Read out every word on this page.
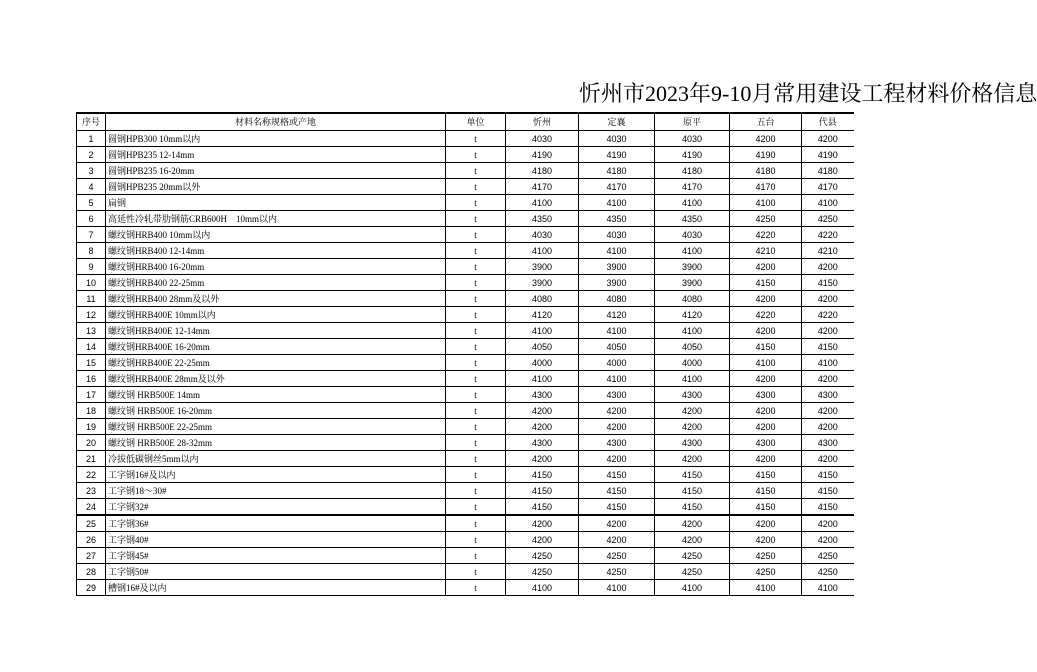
忻州市2023年9-10月常用建设工程材料价格信息
序号	材料名称规格或产地	单位	忻州	定襄	原平	五台	代县
1	圆钢HPB300 10mm以内	t	4030	4030	4030	4200	4200
2	圆钢HPB235 12-14mm	t	4190	4190	4190	4190	4190
3	圆钢HPB235 16-20mm	t	4180	4180	4180	4180	4180
4	圆钢HPB235 20mm以外	t	4170	4170	4170	4170	4170
5	扁钢	t	4100	4100	4100	4100	4100
6	高延性冷轧带肋钢筋CRB600H　10mm以内	t	4350	4350	4350	4250	4250
7	螺纹钢HRB400 10mm以内	t	4030	4030	4030	4220	4220
8	螺纹钢HRB400 12-14mm	t	4100	4100	4100	4210	4210
9	螺纹钢HRB400 16-20mm	t	3900	3900	3900	4200	4200
10	螺纹钢HRB400 22-25mm	t	3900	3900	3900	4150	4150
11	螺纹钢HRB400 28mm及以外	t	4080	4080	4080	4200	4200
12	螺纹钢HRB400E 10mm以内	t	4120	4120	4120	4220	4220
13	螺纹钢HRB400E 12-14mm	t	4100	4100	4100	4200	4200
14	螺纹钢HRB400E 16-20mm	t	4050	4050	4050	4150	4150
15	螺纹钢HRB400E 22-25mm	t	4000	4000	4000	4100	4100
16	螺纹钢HRB400E 28mm及以外	t	4100	4100	4100	4200	4200
17	螺纹钢 HRB500E 14mm	t	4300	4300	4300	4300	4300
18	螺纹钢 HRB500E 16-20mm	t	4200	4200	4200	4200	4200
19	螺纹钢 HRB500E 22-25mm	t	4200	4200	4200	4200	4200
20	螺纹钢 HRB500E 28-32mm	t	4300	4300	4300	4300	4300
21	冷拔低碳钢丝5mm以内	t	4200	4200	4200	4200	4200
22	工字钢16#及以内	t	4150	4150	4150	4150	4150
23	工字钢18～30#	t	4150	4150	4150	4150	4150
24	工字钢32#	t	4150	4150	4150	4150	4150
25	工字钢36#	t	4200	4200	4200	4200	4200
26	工字钢40#	t	4200	4200	4200	4200	4200
27	工字钢45#	t	4250	4250	4250	4250	4250
28	工字钢50#	t	4250	4250	4250	4250	4250
29	槽钢16#及以内	t	4100	4100	4100	4100	4100
